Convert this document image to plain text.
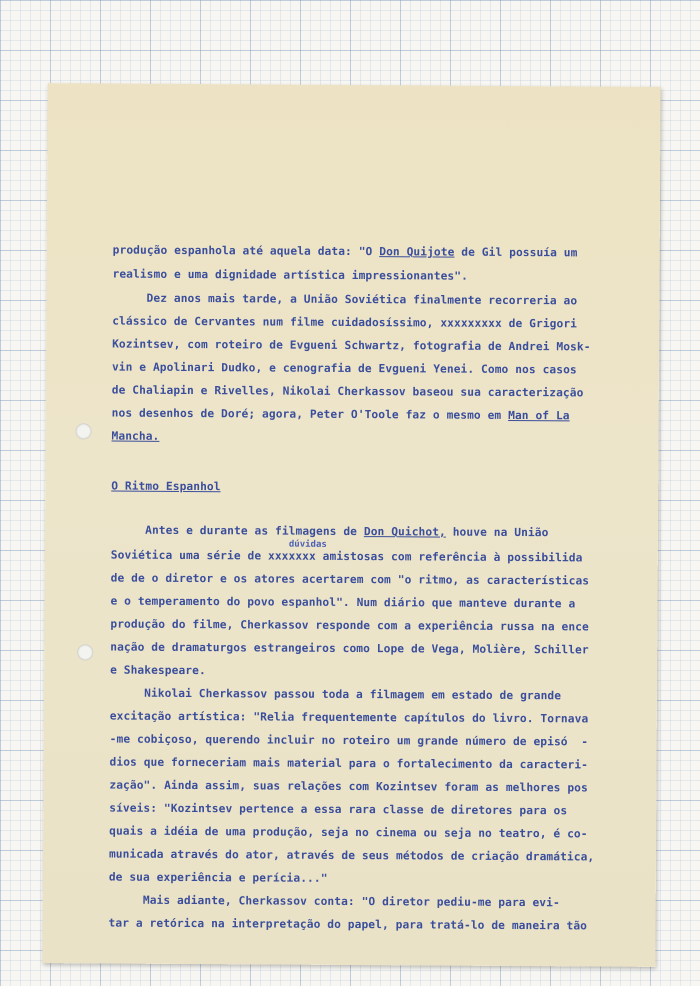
produção espanhola até aquela data: "O Don Quijote de Gil possuía um
realismo e uma dignidade artística impressionantes".
Dez anos mais tarde, a União Soviética finalmente recorreria ao
clássico de Cervantes num filme cuidadosíssimo, xxxxxxxxx de Grigori
Kozintsev, com roteiro de Evgueni Schwartz, fotografia de Andrei Mosk-
vin e Apolinari Dudko, e cenografia de Evgueni Yenei. Como nos casos
de Chaliapin e Rivelles, Nikolai Cherkassov baseou sua caracterização
nos desenhos de Doré; agora, Peter O'Toole faz o mesmo em Man of La
Mancha.
O Ritmo Espanhol
Antes e durante as filmagens de Don Quichot, houve na União
dúvidas
Soviética uma série de xxxxxxx amistosas com referência à possibilida
de de o diretor e os atores acertarem com "o ritmo, as características
e o temperamento do povo espanhol". Num diário que manteve durante a
produção do filme, Cherkassov responde com a experiência russa na ence
nação de dramaturgos estrangeiros como Lope de Vega, Molière, Schiller
e Shakespeare.
Nikolai Cherkassov passou toda a filmagem em estado de grande
excitação artística: "Relia frequentemente capítulos do livro. Tornava
-me cobiçoso, querendo incluir no roteiro um grande número de episó  -
dios que forneceriam mais material para o fortalecimento da caracteri-
zação". Ainda assim, suas relações com Kozintsev foram as melhores pos
síveis: "Kozintsev pertence a essa rara classe de diretores para os
quais a idéia de uma produção, seja no cinema ou seja no teatro, é co-
municada através do ator, através de seus métodos de criação dramática,
de sua experiência e perícia..."
Mais adiante, Cherkassov conta: "O diretor pediu-me para evi-
tar a retórica na interpretação do papel, para tratá-lo de maneira tão
